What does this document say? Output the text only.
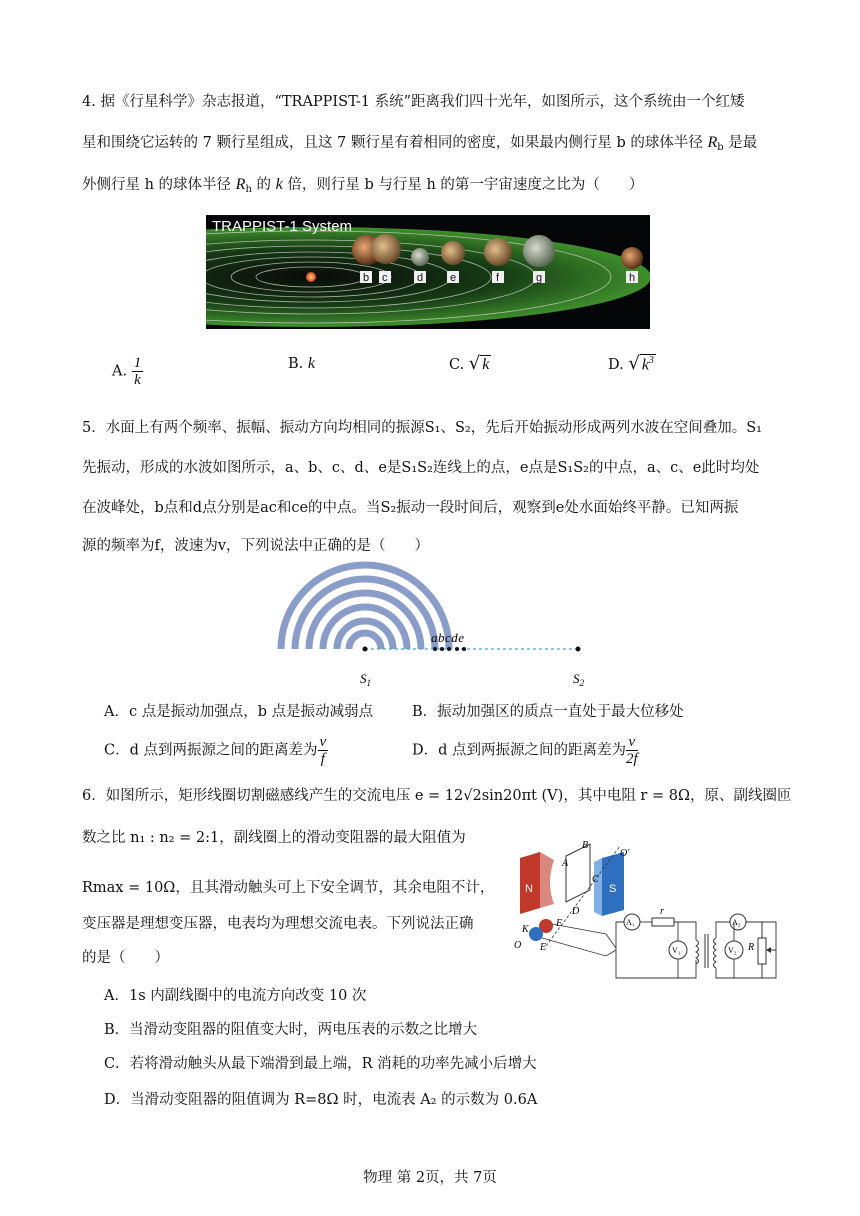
4. 据《行星科学》杂志报道，“TRAPPIST-1 系统”距离我们四十光年，如图所示，这个系统由一个红矮
星和围绕它运转的 7 颗行星组成，且这 7 颗行星有着相同的密度，如果最内侧行星 b 的球体半径 $R_b$ 是最
外侧行星 h 的球体半径 $R_h$ 的 k 倍，则行星 b 与行星 h 的第一宇宙速度之比为（　　）
TRAPPIST-1 System
b c	d e	f	g	h
A. $\frac{1}{k}$	B. k	C. √ k	D. √ $k^3$
5．水面上有两个频率、振幅、振动方向均相同的振源S₁、S₂，先后开始振动形成两列水波在空间叠加。S₁
先振动，形成的水波如图所示，a、b、c、d、e是S₁S₂连线上的点，e点是S₁S₂的中点，a、c、e此时均处
在波峰处，b点和d点分别是ac和ce的中点。当S₂振动一段时间后，观察到e处水面始终平静。已知两振
源的频率为f，波速为v，下列说法中正确的是（　　）
abcde
$S_1$	$S_2$
A．c 点是振动加强点，b 点是振动减弱点	B．振动加强区的质点一直处于最大位移处
C．d 点到两振源之间的距离差为 $\frac{v}{f}$	D．d 点到两振源之间的距离差为 $\frac{v}{2f}$
6．如图所示，矩形线圈切割磁感线产生的交流电压 e = 12√2sin20πt (V)，其中电阻 r = 8Ω，原、副线圈匝
数之比 n₁ : n₂ = 2:1，副线圈上的滑动变阻器的最大阻值为
Rmax = 10Ω，且其滑动触头可上下安全调节，其余电阻不计，
变压器是理想变压器，电表均为理想交流电表。下列说法正确
的是（　　）
N	S
B
A
C
D
O′
F
K
E
O
A₁
r
V₁
A₂
V₂ R
A．1s 内副线圈中的电流方向改变 10 次
B．当滑动变阻器的阻值变大时，两电压表的示数之比增大
C．若将滑动触头从最下端滑到最上端，R 消耗的功率先减小后增大
D．当滑动变阻器的阻值调为 R=8Ω 时，电流表 A₂ 的示数为 0.6A
物理 第 2页，共 7页
